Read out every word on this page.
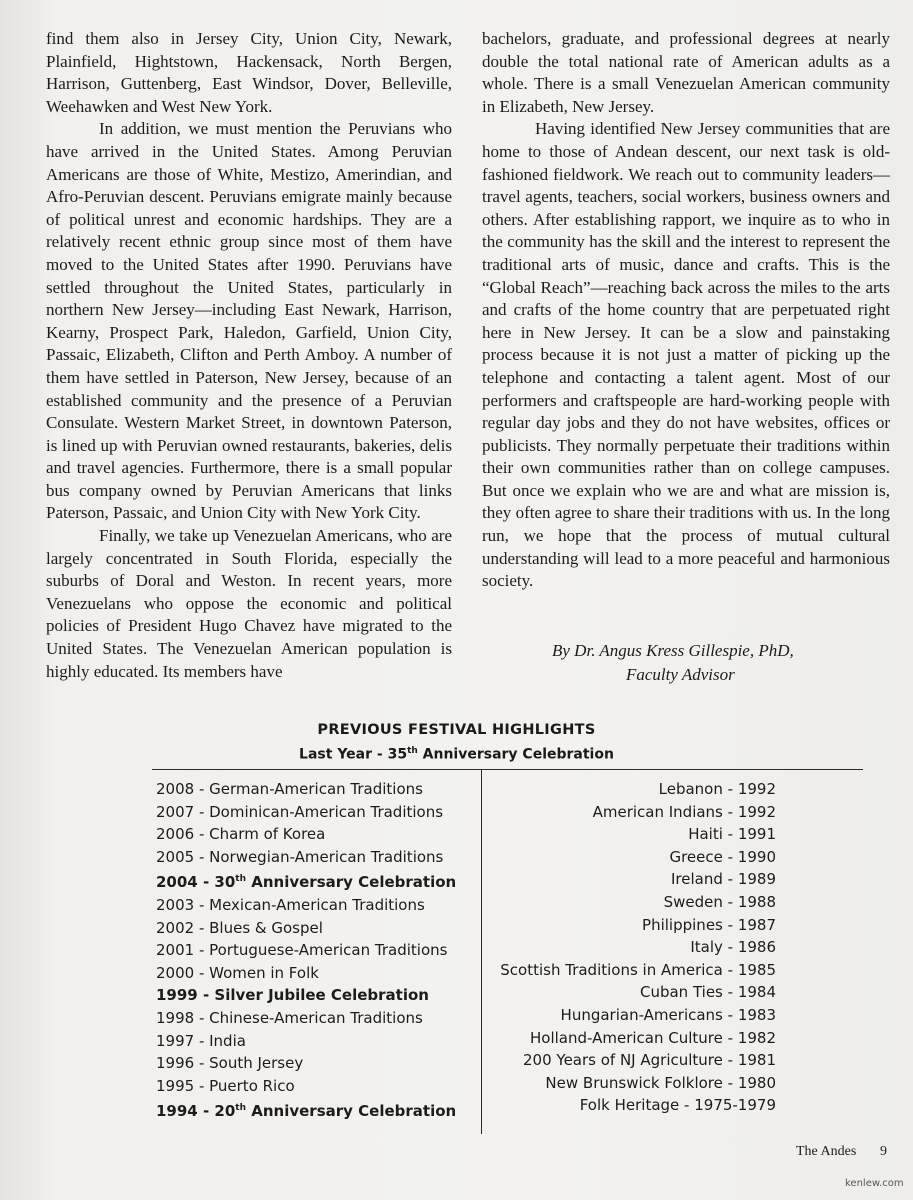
find them also in Jersey City, Union City, Newark, Plainfield, Hightstown, Hackensack, North Bergen, Harrison, Guttenberg, East Windsor, Dover, Belleville, Weehawken and West New York.

In addition, we must mention the Peruvians who have arrived in the United States. Among Peruvian Americans are those of White, Mestizo, Amerindian, and Afro-Peruvian descent. Peruvians emigrate mainly because of political unrest and economic hardships. They are a relatively recent ethnic group since most of them have moved to the United States after 1990. Peruvians have settled throughout the United States, particularly in northern New Jersey—including East Newark, Harrison, Kearny, Prospect Park, Haledon, Garfield, Union City, Passaic, Elizabeth, Clifton and Perth Amboy. A number of them have settled in Paterson, New Jersey, because of an established community and the presence of a Peruvian Consulate. Western Market Street, in downtown Paterson, is lined up with Peruvian owned restaurants, bakeries, delis and travel agencies. Furthermore, there is a small popular bus company owned by Peruvian Americans that links Paterson, Passaic, and Union City with New York City.

Finally, we take up Venezuelan Americans, who are largely concentrated in South Florida, especially the suburbs of Doral and Weston. In recent years, more Venezuelans who oppose the economic and political policies of President Hugo Chavez have migrated to the United States. The Venezuelan American population is highly educated. Its members have

bachelors, graduate, and professional degrees at nearly double the total national rate of American adults as a whole. There is a small Venezuelan American community in Elizabeth, New Jersey.

Having identified New Jersey communities that are home to those of Andean descent, our next task is old-fashioned fieldwork. We reach out to community leaders—travel agents, teachers, social workers, business owners and others. After establishing rapport, we inquire as to who in the community has the skill and the interest to represent the traditional arts of music, dance and crafts. This is the “Global Reach”—reaching back across the miles to the arts and crafts of the home country that are perpetuated right here in New Jersey. It can be a slow and painstaking process because it is not just a matter of picking up the telephone and contacting a talent agent. Most of our performers and craftspeople are hard-working people with regular day jobs and they do not have websites, offices or publicists. They normally perpetuate their traditions within their own communities rather than on college campuses. But once we explain who we are and what are mission is, they often agree to share their traditions with us. In the long run, we hope that the process of mutual cultural understanding will lead to a more peaceful and harmonious society.

By Dr. Angus Kress Gillespie, PhD,
Faculty Advisor
PREVIOUS FESTIVAL HIGHLIGHTS
Last Year - 35th Anniversary Celebration
2008 - German-American Traditions
2007 - Dominican-American Traditions
2006 - Charm of Korea
2005 - Norwegian-American Traditions
2004 - 30th Anniversary Celebration
2003 - Mexican-American Traditions
2002 - Blues & Gospel
2001 - Portuguese-American Traditions
2000 - Women in Folk
1999 - Silver Jubilee Celebration
1998 - Chinese-American Traditions
1997 - India
1996 - South Jersey
1995 - Puerto Rico
1994 - 20th Anniversary Celebration
Lebanon - 1992
American Indians - 1992
Haiti - 1991
Greece - 1990
Ireland - 1989
Sweden - 1988
Philippines - 1987
Italy - 1986
Scottish Traditions in America - 1985
Cuban Ties - 1984
Hungarian-Americans - 1983
Holland-American Culture - 1982
200 Years of NJ Agriculture - 1981
New Brunswick Folklore - 1980
Folk Heritage - 1975-1979
The Andes 9
kenlew.com
